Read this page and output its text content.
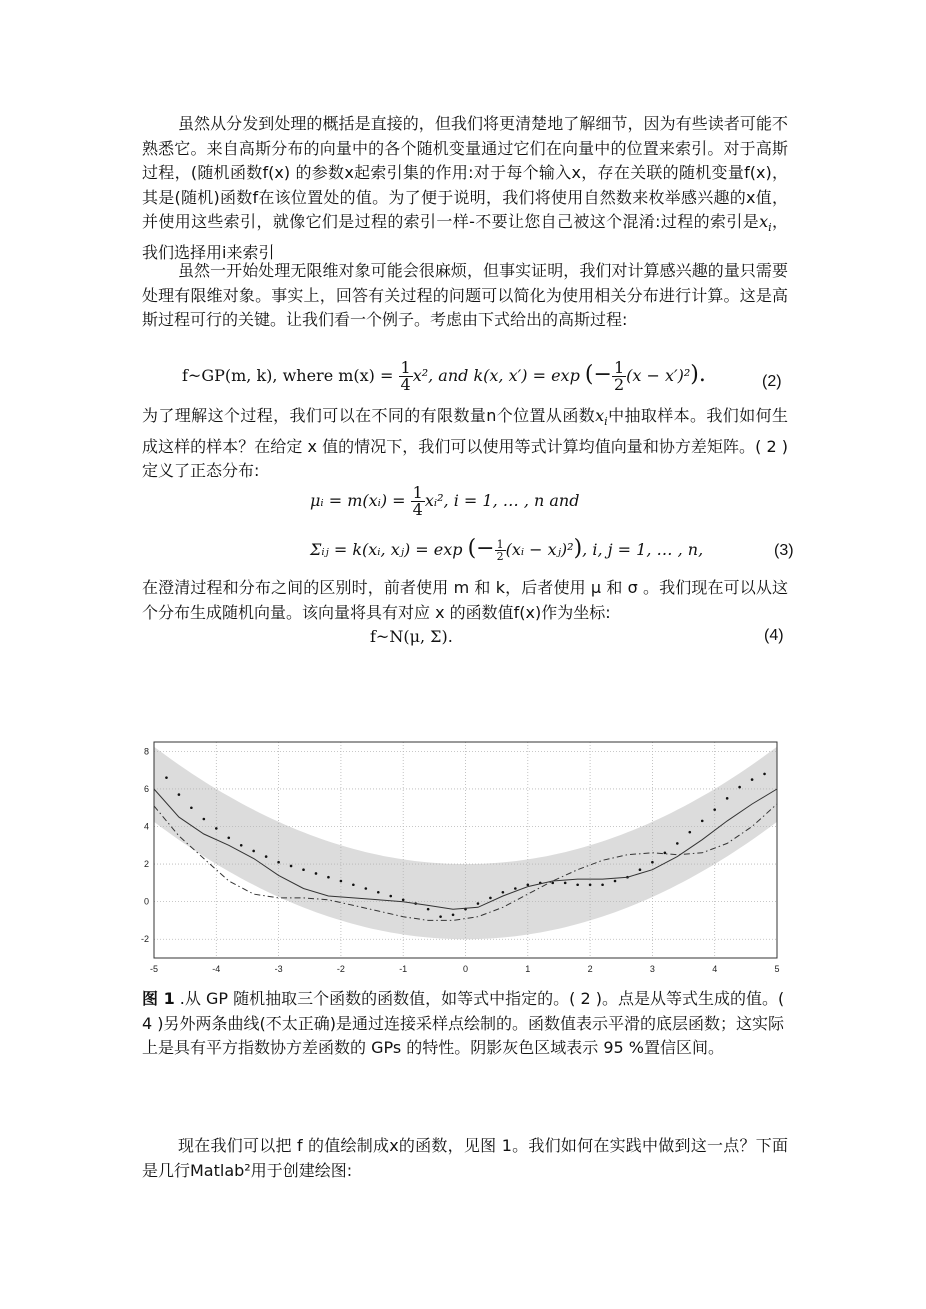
虽然从分发到处理的概括是直接的，但我们将更清楚地了解细节，因为有些读者可能不熟悉它。来自高斯分布的向量中的各个随机变量通过它们在向量中的位置来索引。对于高斯过程，(随机函数f(x) 的参数x起索引集的作用:对于每个输入x，存在关联的随机变量f(x)，其是(随机)函数f在该位置处的值。为了便于说明，我们将使用自然数来枚举感兴趣的x值，并使用这些索引，就像它们是过程的索引一样-不要让您自己被这个混淆:过程的索引是$x_i$，我们选择用i来索引

虽然一开始处理无限维对象可能会很麻烦，但事实证明，我们对计算感兴趣的量只需要处理有限维对象。事实上，回答有关过程的问题可以简化为使用相关分布进行计算。这是高斯过程可行的关键。让我们看一个例子。考虑由下式给出的高斯过程:

f~GP(m, k), where $m(x) = \frac{1}{4} x^2$, and k(x, x′) = exp (− $\frac{1}{2} (x - x')^2$).	(2)

为了理解这个过程，我们可以在不同的有限数量n个位置从函数$x_i$中抽取样本。我们如何生成这样的样本？在给定 x 值的情况下，我们可以使用等式计算均值向量和协方差矩阵。( 2 )定义了正态分布:

μᵢ = m(xᵢ) = $\frac{1}{4}$ xᵢ², i = 1, … , n and
Σᵢⱼ = k(xᵢ, xⱼ) = exp (− $\frac{1}{2}$ (xᵢ − xⱼ)²), i, j = 1, … , n,	(3)

在澄清过程和分布之间的区别时，前者使用 m 和 k，后者使用 μ 和 σ 。我们现在可以从这个分布生成随机向量。该向量将具有对应 x 的函数值f(x)作为坐标:

f~N(μ, Σ).	(4)
-5	-4	-3	-2	-1	0	1	2	3	4	5
-2
0
2
4
6
8

图 1 .从 GP 随机抽取三个函数的函数值，如等式中指定的。( 2 )。点是从等式生成的值。( 4 )另外两条曲线(不太正确)是通过连接采样点绘制的。函数值表示平滑的底层函数；这实际上是具有平方指数协方差函数的 GPs 的特性。阴影灰色区域表示 95 %置信区间。

现在我们可以把 f 的值绘制成x的函数，见图 1。我们如何在实践中做到这一点？下面是几行Matlab²用于创建绘图:
